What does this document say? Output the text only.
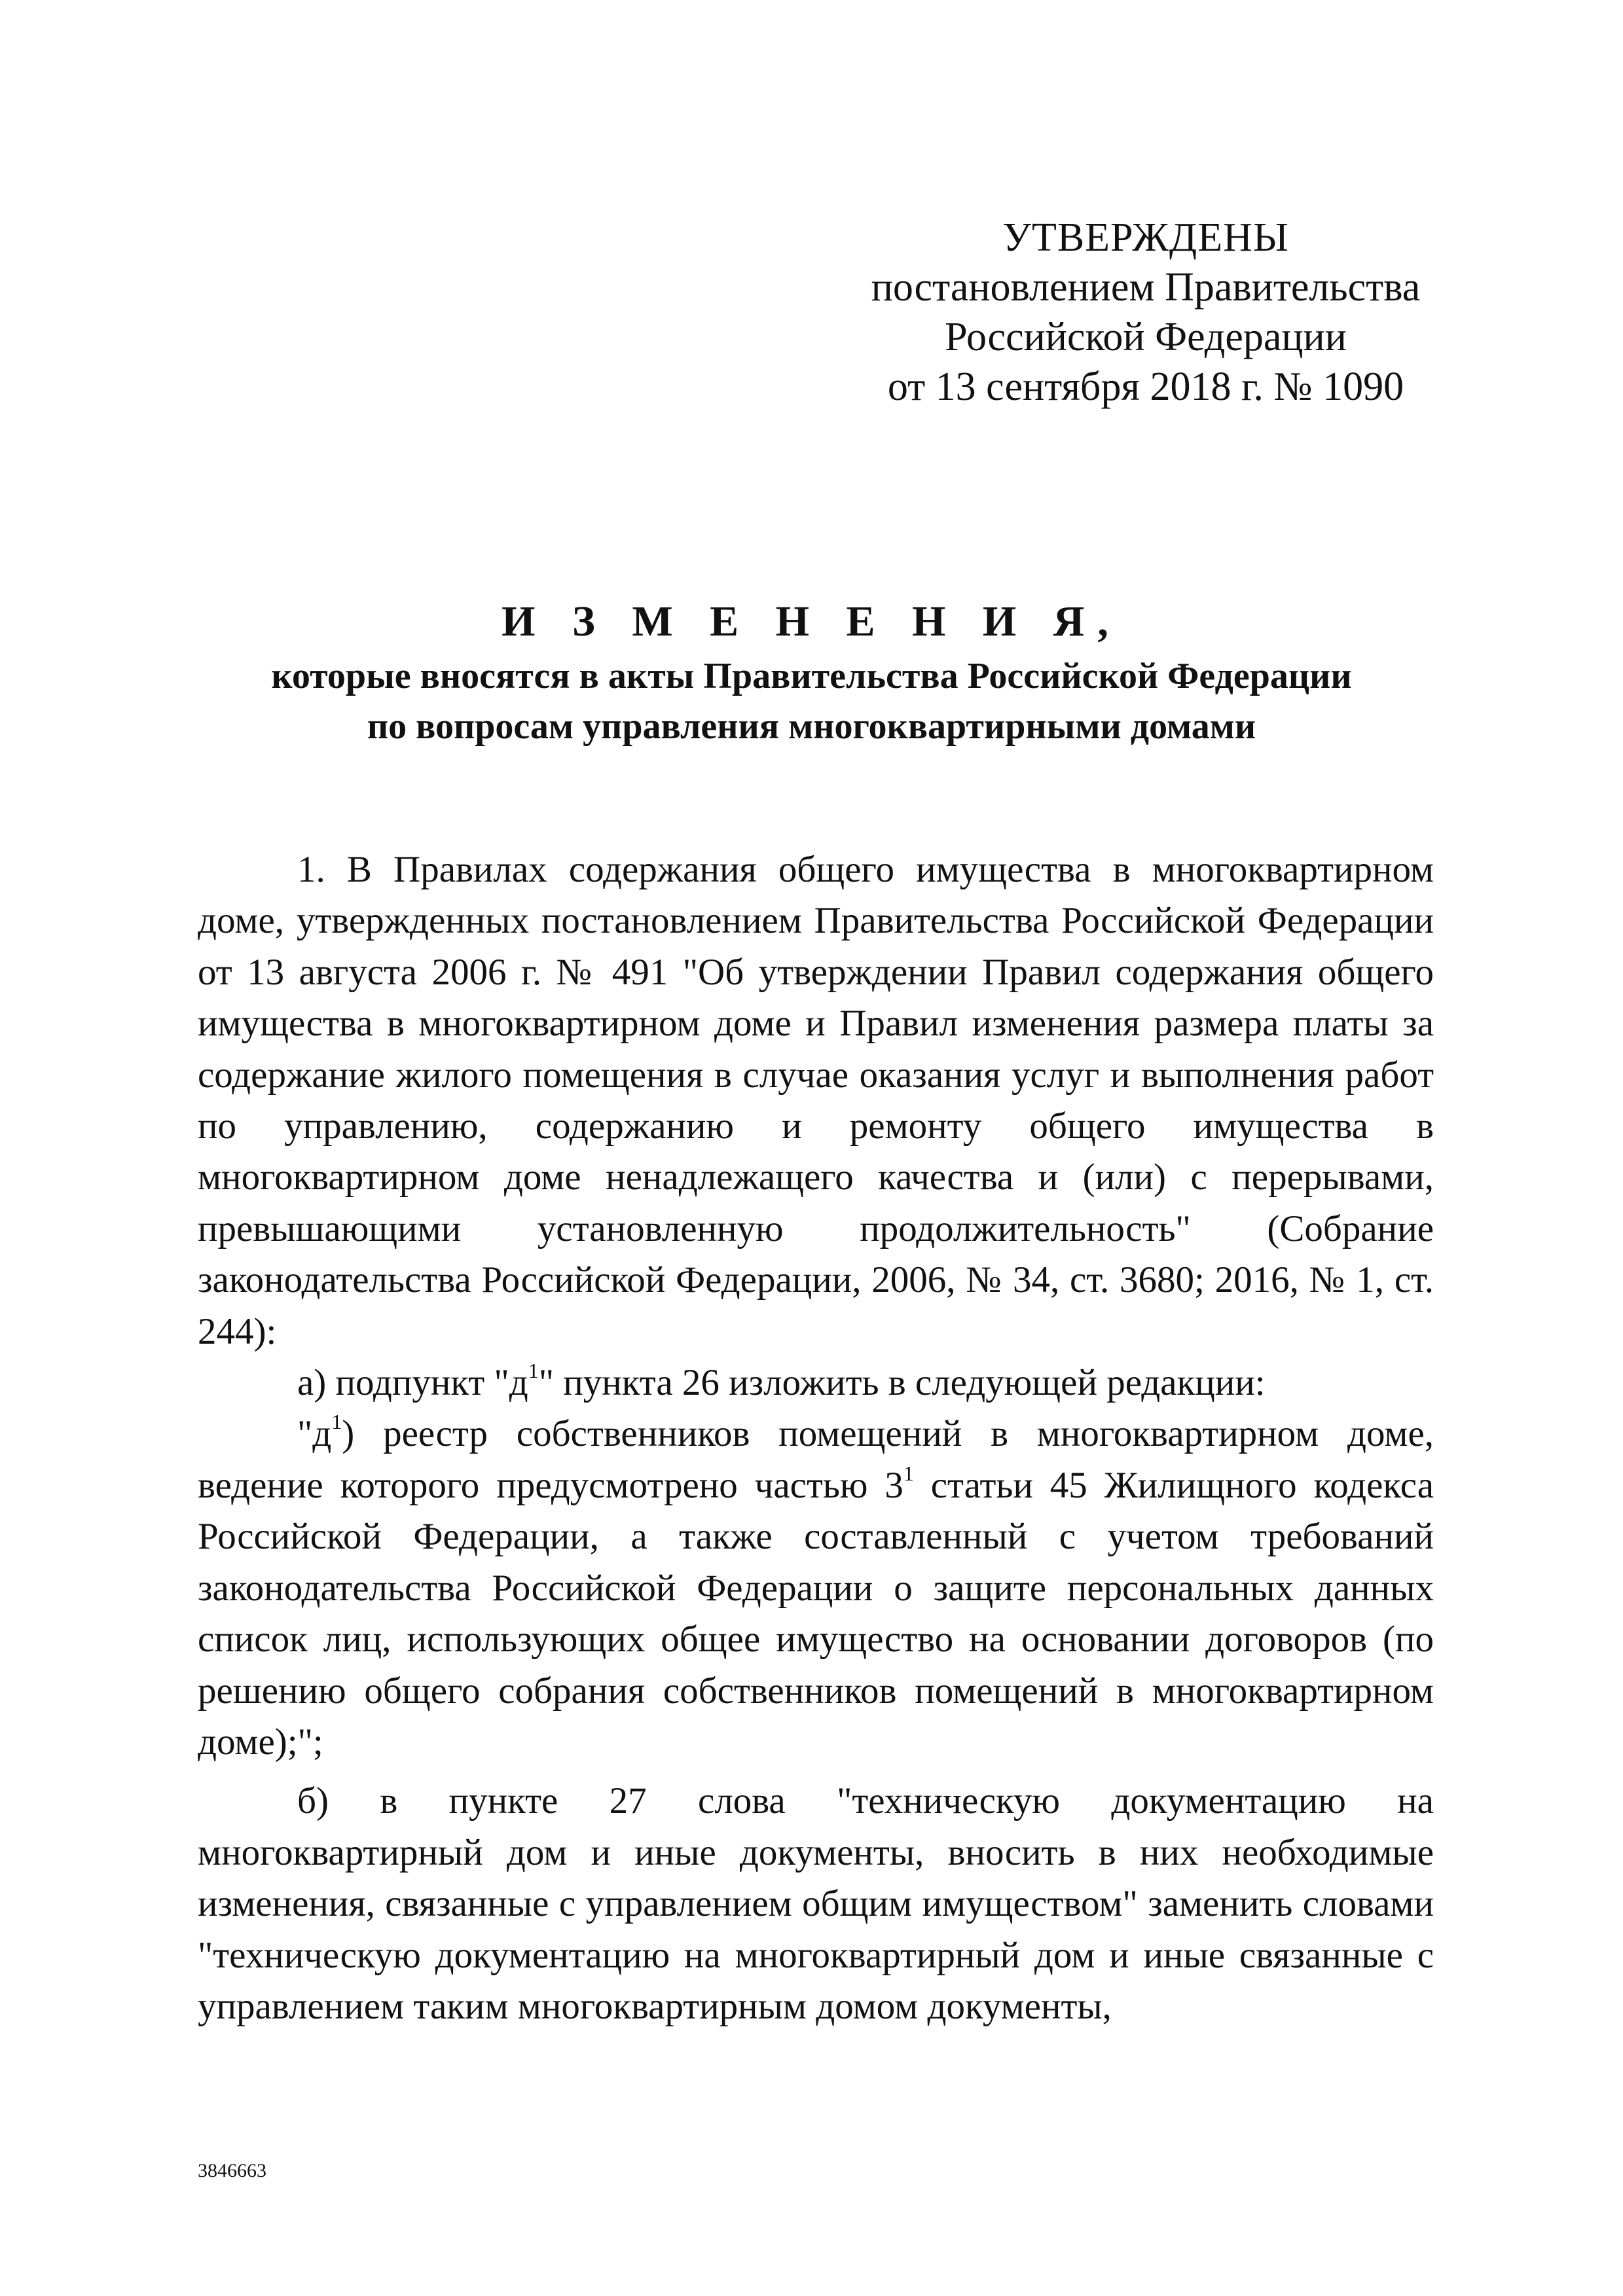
УТВЕРЖДЕНЫ
постановлением Правительства
Российской Федерации
от 13 сентября 2018 г. № 1090
И З М Е Н Е Н И Я,
которые вносятся в акты Правительства Российской Федерации
по вопросам управления многоквартирными домами

1. В Правилах содержания общего имущества в многоквартирном доме, утвержденных постановлением Правительства Российской Федерации от 13 августа 2006 г. № 491 "Об утверждении Правил содержания общего имущества в многоквартирном доме и Правил изменения размера платы за содержание жилого помещения в случае оказания услуг и выполнения работ по управлению, содержанию и ремонту общего имущества в многоквартирном доме ненадлежащего качества и (или) с перерывами, превышающими установленную продолжительность" (Собрание законодательства Российской Федерации, 2006, № 34, ст. 3680; 2016, № 1, ст. 244):

а) подпункт "$д^1$" пункта 26 изложить в следующей редакции:

"$д^1$) реестр собственников помещений в многоквартирном доме, ведение которого предусмотрено частью $3^1$ статьи 45 Жилищного кодекса Российской Федерации, а также составленный с учетом требований законодательства Российской Федерации о защите персональных данных список лиц, использующих общее имущество на основании договоров (по решению общего собрания собственников помещений в многоквартирном доме);";

б) в пункте 27 слова "техническую документацию на многоквартирный дом и иные документы, вносить в них необходимые изменения, связанные с управлением общим имуществом" заменить словами "техническую документацию на многоквартирный дом и иные связанные с управлением таким многоквартирным домом документы,

3846663
